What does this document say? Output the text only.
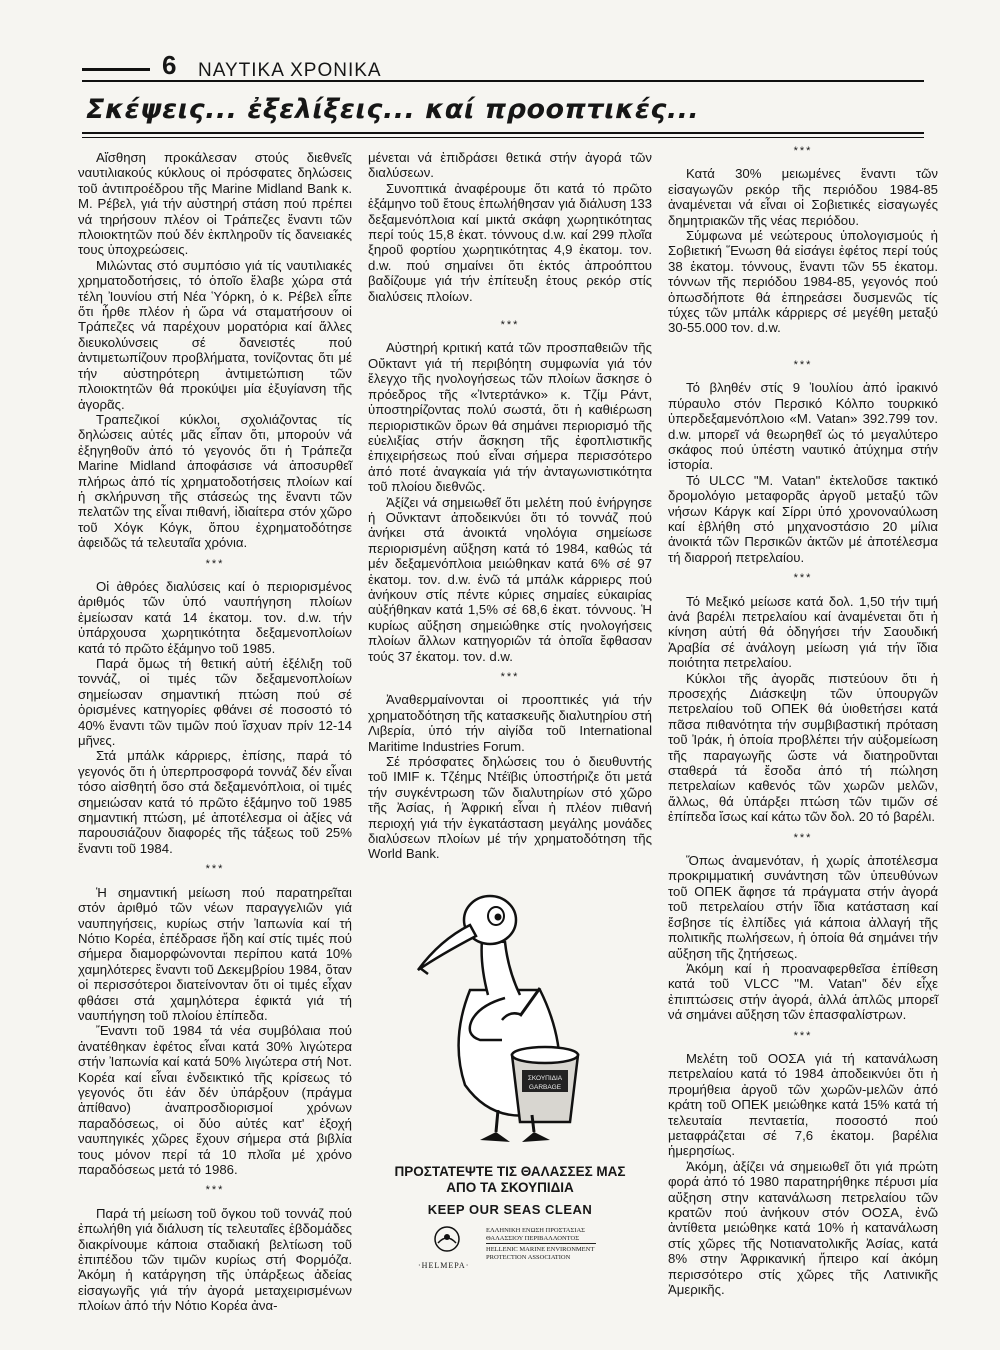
6 ΝΑΥΤΙΚΑ ΧΡΟΝΙΚΑ
Σκέψεις... ἐξελίξεις... καί προοπτικές...

Αἴσθηση προκάλεσαν στούς διεθνεῖς ναυτιλιακούς κύκλους οἱ πρόσφατες δηλώσεις τοῦ ἀντιπροέδρου τῆς Marine Midland Bank κ. Μ. Ρέβελ, γιά τήν αὐστηρή στάση πού πρέπει νά τηρήσουν πλέον οἱ Τράπεζες ἔναντι τῶν πλοιοκτητῶν πού δέν ἐκπληροῦν τίς δανειακές τους ὑποχρεώσεις.

Μιλώντας στό συμπόσιο γιά τίς ναυτιλιακές χρηματοδοτήσεις, τό ὁποῖο ἔλαβε χώρα στά τέλη Ἰουνίου στή Νέα Ὑόρκη, ὁ κ. Ρέβελ εἶπε ὅτι ἦρθε πλέον ἡ ὥρα νά σταματήσουν οἱ Τράπεζες νά παρέχουν μορατόρια καί ἄλλες διευκολύνσεις σέ δανειστές πού ἀντιμετωπίζουν προβλήματα, τονίζοντας ὅτι μέ τήν αὐστηρότερη ἀντιμετώπιση τῶν πλοιοκτητῶν θά προκύψει μία ἐξυγίανση τῆς ἀγορᾶς.

Τραπεζικοί κύκλοι, σχολιάζοντας τίς δηλώσεις αὐτές μᾶς εἶπαν ὅτι, μπορούν νά ἐξηγηθοῦν ἀπό τό γεγονός ὅτι ἡ Τράπεζα Marine Midland ἀποφάσισε νά ἀποσυρθεῖ πλήρως ἀπό τίς χρηματοδοτήσεις πλοίων καί ἡ σκλήρυνση τῆς στάσεώς της ἔναντι τῶν πελατῶν της εἶναι πιθανή, ἰδιαίτερα στόν χῶρο τοῦ Χόγκ Κόγκ, ὅπου ἐχρηματοδότησε ἀφειδῶς τά τελευταῖα χρόνια.

***

Οἱ ἀθρόες διαλύσεις καί ὁ περιορισμένος ἀριθμός τῶν ὑπό ναυπήγηση πλοίων ἐμείωσαν κατά 14 ἑκατομ. τον. d.w. τήν ὑπάρχουσα χωρητικότητα δεξαμενοπλοίων κατά τό πρῶτο ἑξάμηνο τοῦ 1985.

Παρά ὅμως τή θετική αὐτή ἐξέλιξη τοῦ τοννάζ, οἱ τιμές τῶν δεξαμενοπλοίων σημείωσαν σημαντική πτώση πού σέ ὁρισμένες κατηγορίες φθάνει σέ ποσοστό τό 40% ἔναντι τῶν τιμῶν πού ἴσχυαν πρίν 12-14 μῆνες.

Στά μπάλκ κάρριερς, ἐπίσης, παρά τό γεγονός ὅτι ἡ ὑπερπροσφορά τοννάζ δέν εἶναι τόσο αἰσθητή ὅσο στά δεξαμενόπλοια, οἱ τιμές σημειώσαν κατά τό πρῶτο ἑξάμηνο τοῦ 1985 σημαντική πτώση, μέ ἀποτέλεσμα οἱ ἀξίες νά παρουσιάζουν διαφορές τῆς τάξεως τοῦ 25% ἔναντι τοῦ 1984.

***

Ἡ σημαντική μείωση πού παρατηρεῖται στόν ἀριθμό τῶν νέων παραγγελιῶν γιά ναυπηγήσεις, κυρίως στήν Ἰαπωνία καί τή Νότιο Κορέα, ἐπέδρασε ἤδη καί στίς τιμές πού σήμερα διαμορφώνονται περίπου κατά 10% χαμηλότερες ἔναντι τοῦ Δεκεμβρίου 1984, ὅταν οἱ περισσότεροι διατείνονταν ὅτι οἱ τιμές εἶχαν φθάσει στά χαμηλότερα ἐφικτά γιά τή ναυπήγηση τοῦ πλοίου ἐπίπεδα.

Ἔναντι τοῦ 1984 τά νέα συμβόλαια πού ἀνατέθηκαν ἐφέτος εἶναι κατά 30% λιγώτερα στήν Ἰαπωνία καί κατά 50% λιγώτερα στή Νοτ. Κορέα καί εἶναι ἐνδεικτικό τῆς κρίσεως τό γεγονός ὅτι ἐάν δέν ὑπάρξουν (πράγμα ἀπίθανο) ἀναπροσδιορισμοί χρόνων παραδόσεως, οἱ δύο αὐτές κατ' ἐξοχή ναυπηγικές χῶρες ἔχουν σήμερα στά βιβλία τους μόνον περί τά 10 πλοῖα μέ χρόνο παραδόσεως μετά τό 1986.

***

Παρά τή μείωση τοῦ ὄγκου τοῦ τοννάζ πού ἐπωλήθη γιά διάλυση τίς τελευταῖες ἑβδομάδες διακρίνουμε κάποια σταδιακή βελτίωση τοῦ ἐπιπέδου τῶν τιμῶν κυρίως στή Φορμόζα. Ἀκόμη ἡ κατάργηση τῆς ὑπάρξεως ἀδείας εἰσαγωγῆς γιά τήν ἀγορά μεταχειρισμένων πλοίων ἀπό τήν Νότιο Κορέα ἀνα-

μένεται νά ἐπιδράσει θετικά στήν ἀγορά τῶν διαλύσεων.

Συνοπτικά ἀναφέρουμε ὅτι κατά τό πρῶτο ἑξάμηνο τοῦ ἔτους ἐπωλήθησαν γιά διάλυση 133 δεξαμενόπλοια καί μικτά σκάφη χωρητικότητας περί τούς 15,8 ἑκατ. τόννους d.w. καί 299 πλοῖα ξηροῦ φορτίου χωρητικότητας 4,9 ἑκατομ. τον. d.w. πού σημαίνει ὅτι ἐκτός ἀπροόπτου βαδίζουμε γιά τήν ἐπίτευξη ἑτους ρεκόρ στίς διαλύσεις πλοίων.

***

Αὐστηρή κριτική κατά τῶν προσπαθειῶν τῆς Οὔκταντ γιά τή περιβόητη συμφωνία γιά τόν ἔλεγχο τῆς ηνολογήσεως τῶν πλοίων ἄσκησε ὁ πρόεδρος τῆς «Ἰντερτάνκο» κ. Τζίμ Ράντ, ὑποστηρίζοντας πολύ σωστά, ὅτι ἡ καθιέρωση περιοριστικῶν ὅρων θά σημάνει περιορισμό τῆς εὐελιξίας στήν ἄσκηση τῆς ἐφοπλιστικῆς ἐπιχειρήσεως πού εἶναι σήμερα περισσότερο ἀπό ποτέ ἀναγκαία γιά τήν ἀνταγωνιστικότητα τοῦ πλοίου διεθνῶς.

Ἀξίζει νά σημειωθεῖ ὅτι μελέτη πού ἐνήργησε ἡ Οὔνκταντ ἀποδεικνύει ὅτι τό τοννάζ πού ἀνήκει στά ἀνοικτά νηολόγια σημείωσε περιορισμένη αὔξηση κατά τό 1984, καθώς τά μέν δεξαμενόπλοια μειώθηκαν κατά 6% σέ 97 ἑκατομ. τον. d.w. ἐνῶ τά μπάλκ κάρριερς πού ἀνήκουν στίς πέντε κύριες σημαίες εὐκαιρίας αὐξήθηκαν κατά 1,5% σέ 68,6 ἑκατ. τόννους. Ἡ κυρίως αὔξηση σημειώθηκε στίς ηνολογήσεις πλοίων ἄλλων κατηγοριῶν τά ὁποῖα ἔφθασαν τούς 37 ἑκατομ. τον. d.w.

***

Ἀναθερμαίνονται οἱ προοπτικές γιά τήν χρηματοδότηση τῆς κατασκευῆς διαλυτηρίου στή Λιβερία, ὑπό τήν αἰγίδα τοῦ International Maritime Industries Forum.

Σέ πρόσφατες δηλώσεις του ὁ διευθυντής τοῦ IMIF κ. Τζέημς Ντέϊβις ὑποστήριζε ὅτι μετά τήν συγκέντρωση τῶν διαλυτηρίων στό χῶρο τῆς Ἀσίας, ἡ Ἀφρική εἶναι ἡ πλέον πιθανή περιοχή γιά τήν ἐγκατάσταση μεγάλης μονάδες διαλύσεων πλοίων μέ τήν χρηματοδότηση τῆς World Bank.

***

Κατά 30% μειωμένες ἔναντι τῶν εἰσαγωγῶν ρεκόρ τῆς περιόδου 1984-85 ἀναμένεται νά εἶναι οἱ Σοβιετικές εἰσαγωγές δημητριακῶν τῆς νέας περιόδου.

Σύμφωνα μέ νεώτερους ὑπολογισμούς ἡ Σοβιετική Ἕνωση θά εἰσάγει ἐφέτος περί τούς 38 ἑκατομ. τόννους, ἔναντι τῶν 55 ἑκατομ. τόννων τῆς περιόδου 1984-85, γεγονός πού ὁπωσδήποτε θά ἐπηρεάσει δυσμενῶς τίς τύχες τῶν μπάλκ κάρριερς σέ μεγέθη μεταξύ 30-55.000 τον. d.w.

***

Τό βληθέν στίς 9 Ἰουλίου ἀπό ἰρακινό πύραυλο στόν Περσικό Κόλπο τουρκικό ὑπερδεξαμενόπλοιο «Μ. Vatan» 392.799 τον. d.w. μπορεῖ νά θεωρηθεῖ ὡς τό μεγαλύτερο σκάφος πού ὑπέστη ναυτικό ἀτύχημα στήν ἱστορία.

Τό ULCC "M. Vatan" ἐκτελοῦσε τακτικό δρομολόγιο μεταφορᾶς ἀργοῦ μεταξύ τῶν νήσων Κάργκ καί Σίρρι ὑπό χρονοναύλωση καί ἐβλήθη στό μηχανοστάσιο 20 μίλια ἀνοικτά τῶν Περσικῶν ἀκτῶν μέ ἀποτέλεσμα τή διαρροή πετρελαίου.

***

Τό Μεξικό μείωσε κατά δολ. 1,50 τήν τιμή ἀνά βαρέλι πετρελαίου καί ἀναμένεται ὅτι ἡ κίνηση αὐτή θά ὁδηγήσει τήν Σαουδική Ἀραβία σέ ἀνάλογη μείωση γιά τήν ἴδια ποιότητα πετρελαίου.

Κύκλοι τῆς ἀγορᾶς πιστεύουν ὅτι ἡ προσεχής Διάσκεψη τῶν ὑπουργῶν πετρελαίου τοῦ ΟΠΕΚ θά ὑιοθετήσει κατά πᾶσα πιθανότητα τήν συμβιβαστική πρόταση τοῦ Ἰράκ, ἡ ὁποία προβλέπει τήν αὐξομείωση τῆς παραγωγῆς ὥστε νά διατηροῦνται σταθερά τά ἔσοδα ἀπό τή πώληση πετρελαίων καθενός τῶν χωρῶν μελῶν, ἄλλως, θά ὑπάρξει πτώση τῶν τιμῶν σέ ἐπίπεδα ἴσως καί κάτω τῶν δολ. 20 τό βαρέλι.

***

Ὅπως ἀναμενόταν, ἡ χωρίς ἀποτέλεσμα προκριμματική συνάντηση τῶν ὑπευθύνων τοῦ ΟΠΕΚ ἄφησε τά πράγματα στήν ἀγορά τοῦ πετρελαίου στήν ἴδια κατάσταση καί ἔσβησε τίς ἐλπίδες γιά κάποια ἀλλαγή τῆς πολιτικῆς πωλήσεων, ἡ ὁποία θά σημάνει τήν αὔξηση τῆς ζητήσεως.

Ἀκόμη καί ἡ προαναφερθεῖσα ἐπίθεση κατά τοῦ VLCC "M. Vatan" δέν εἶχε ἐπιπτώσεις στήν ἀγορά, ἀλλά ἁπλῶς μπορεῖ νά σημάνει αὔξηση τῶν ἐπασφαλίστρων.

***

Μελέτη τοῦ ΟΟΣΑ γιά τή κατανάλωση πετρελαίου κατά τό 1984 ἀποδεικνύει ὅτι ἡ προμήθεια ἀργοῦ τῶν χωρῶν-μελῶν ἀπό κράτη τοῦ ΟΠΕΚ μειώθηκε κατά 15% κατά τή τελευταία πενταετία, ποσοστό πού μεταφράζεται σέ 7,6 ἑκατομ. βαρέλια ἡμερησίως.

Ἀκόμη, ἀξίζει νά σημειωθεῖ ὅτι γιά πρώτη φορά ἀπό τό 1980 παρατηρήθηκε πέρυσι μία αὔξηση στην κατανάλωση πετρελαίου τῶν κρατῶν πού ἀνήκουν στόν ΟΟΣΑ, ἐνῶ ἀντίθετα μειώθηκε κατά 10% ἡ κατανάλωση στίς χῶρες τῆς Νοτιανατολικῆς Ἀσίας, κατά 8% στην Ἀφρικανική ἤπειρο καί ἀκόμη περισσότερο στίς χῶρες τῆς Λατινικῆς Ἀμερικῆς.

ΣΚΟΥΠΙΔΙΑ
GARBAGE
ΠΡΟΣΤΑΤΕΨΤΕ ΤΙΣ ΘΑΛΑΣΣΕΣ ΜΑΣ
ΑΠΟ ΤΑ ΣΚΟΥΠΙΔΙΑ
KEEP OUR SEAS CLEAN
·HELMEPA·
ΕΛΛΗΝΙΚΗ ΕΝΩΣΗ ΠΡΟΣΤΑΣΙΑΣ
ΘΑΛΑΣΣΙΟΥ ΠΕΡΙΒΑΛΛΟΝΤΟΣ
HELLENIC MARINE ENVIRONMENT
PROTECTION ASSOCIATION
